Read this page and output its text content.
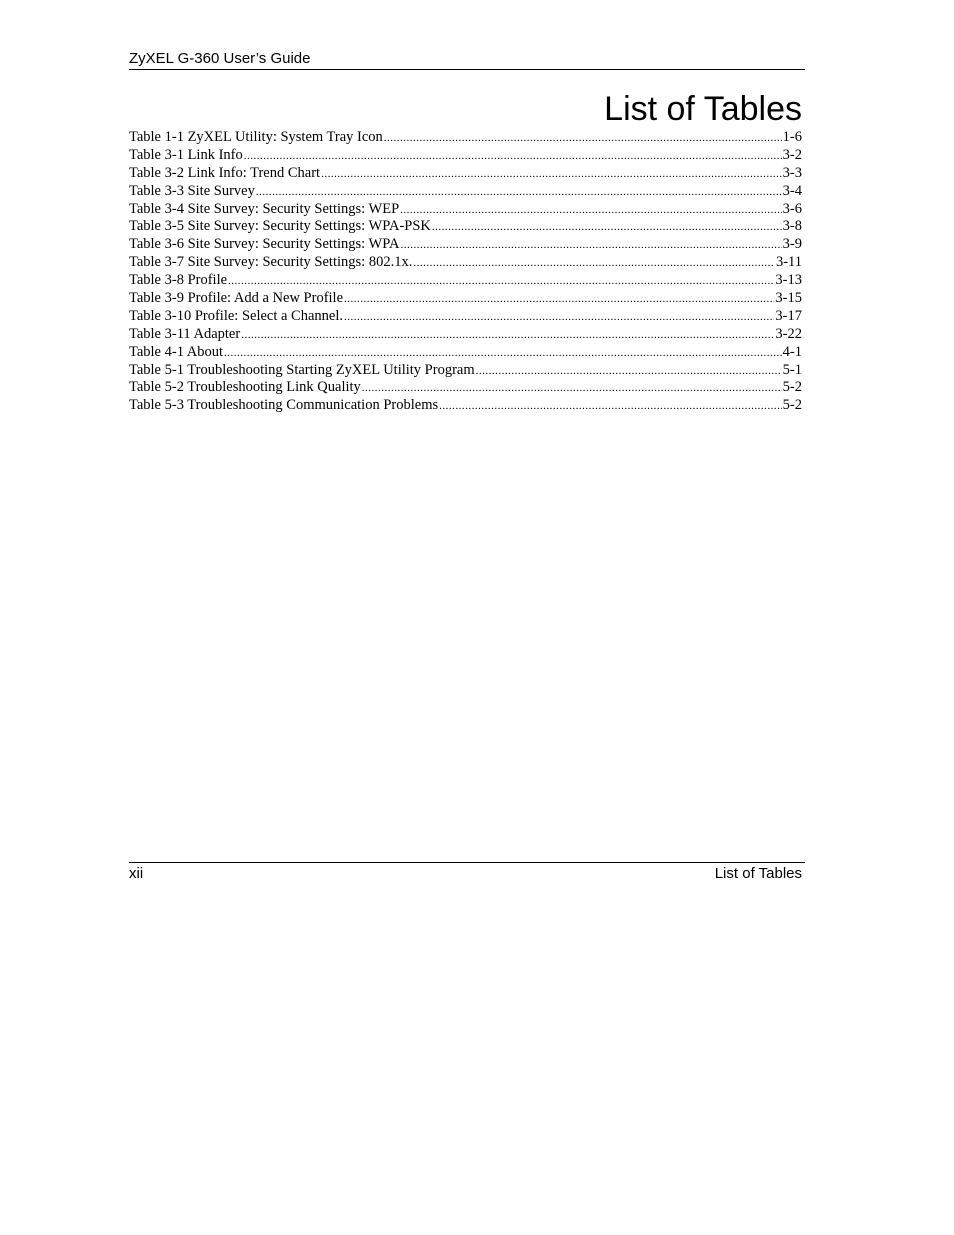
ZyXEL G-360 User’s Guide
List of Tables
Table 1-1 ZyXEL Utility: System Tray Icon .....	1-6
Table 3-1 Link Info .....	3-2
Table 3-2 Link Info: Trend Chart .....	3-3
Table 3-3 Site Survey .....	3-4
Table 3-4 Site Survey: Security Settings: WEP .....	3-6
Table 3-5 Site Survey: Security Settings: WPA-PSK .....	3-8
Table 3-6 Site Survey: Security Settings: WPA .....	3-9
Table 3-7 Site Survey: Security Settings: 802.1x. .....	3-11
Table 3-8 Profile .....	3-13
Table 3-9 Profile: Add a New Profile .....	3-15
Table 3-10 Profile: Select a Channel. .....	3-17
Table 3-11 Adapter .....	3-22
Table 4-1 About .....	4-1
Table 5-1 Troubleshooting Starting ZyXEL Utility Program .....	5-1
Table 5-2 Troubleshooting Link Quality .....	5-2
Table 5-3 Troubleshooting Communication Problems .....	5-2
xii	List of Tables
